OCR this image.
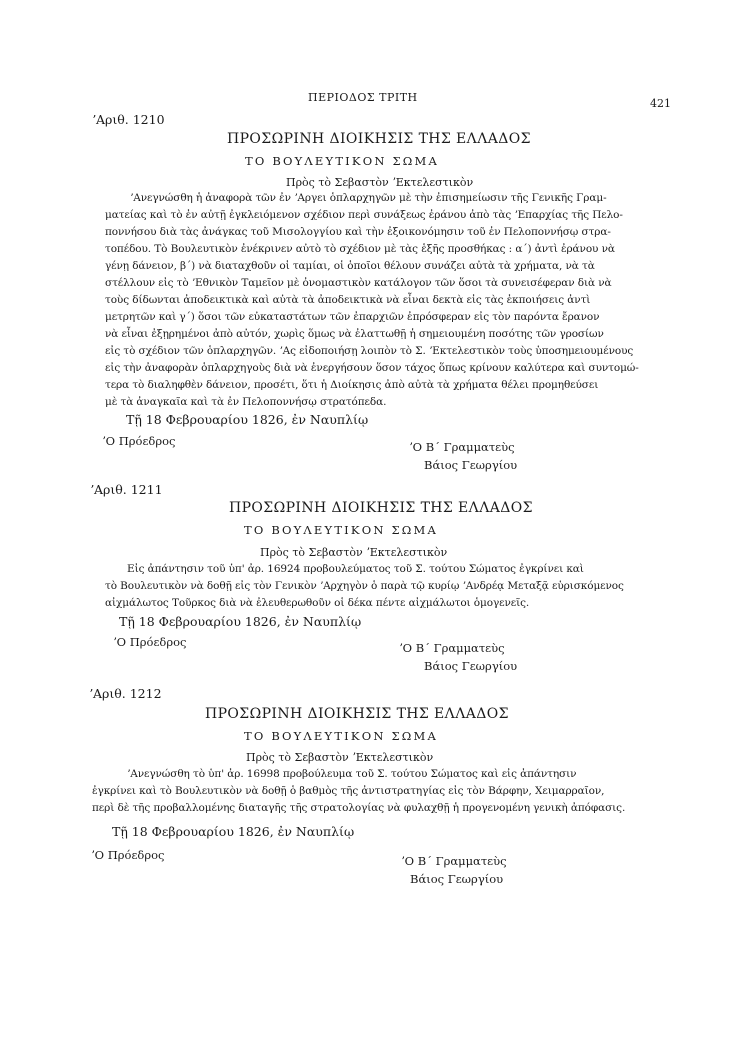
ΠΕΡΙΟΔΟΣ ΤΡΙΤΗ	421
ʼΑριθ. 1210
ΠΡΟΣΩΡΙΝΗ ΔΙΟΙΚΗΣΙΣ ΤΗΣ ΕΛΛΑΔΟΣ
ΤΟ ΒΟΥΛΕΥΤΙΚΟΝ ΣΩΜΑ
Πρὸς τὸ Σεβαστὸν ʼΕκτελεστικὸν
ʼΑνεγνώσθη ἡ ἀναφορὰ τῶν ἐν ʼΑργει ὁπλαρχηγῶν μὲ τὴν ἐπισημείωσιν τῆς Γενικῆς Γραμ-
ματείας καὶ τὸ ἐν αὐτῇ ἐγκλειόμενον σχέδιον περὶ συνάξεως ἐράνου ἀπὸ τὰς ʼΕπαρχίας τῆς Πελο-
ποννήσου διὰ τὰς ἀνάγκας τοῦ Μισολογγίου καὶ τὴν ἐξοικονόμησιν τοῦ ἐν Πελοποννήσῳ στρα-
τοπέδου. Τὸ Βουλευτικὸν ἐνέκρινεν αὐτὸ τὸ σχέδιον μὲ τὰς ἑξῆς προσθήκας : α΄) ἀντὶ ἐράνου νὰ
γένῃ δάνειον, β΄) νὰ διαταχθοῦν οἱ ταμίαι, οἱ ὁποῖοι θέλουν συνάζει αὐτὰ τὰ χρήματα, νὰ τὰ
στέλλουν εἰς τὸ ʼΕθνικὸν Ταμεῖον μὲ ὀνομαστικὸν κατάλογον τῶν ὅσοι τὰ συνεισέφεραν διὰ νὰ
τοὺς δίδωνται ἀποδεικτικὰ καὶ αὐτὰ τὰ ἀποδεικτικὰ νὰ εἶναι δεκτὰ εἰς τὰς ἐκποιήσεις ἀντὶ
μετρητῶν καὶ γ΄) ὅσοι τῶν εὐκαταστάτων τῶν ἐπαρχιῶν ἐπρόσφεραν εἰς τὸν παρόντα ἔρανον
νὰ εἶναι ἐξῃρημένοι ἀπὸ αὐτόν, χωρὶς ὅμως νὰ ἐλαττωθῇ ἡ σημειουμένη ποσότης τῶν γροσίων
εἰς τὸ σχέδιον τῶν ὁπλαρχηγῶν. ʼΑς εἰδοποιήσῃ λοιπὸν τὸ Σ. ʼΕκτελεστικὸν τοὺς ὑποσημειουμένους
εἰς τὴν ἀναφορὰν ὁπλαρχηγοὺς διὰ νὰ ἐνεργήσουν ὅσον τάχος ὅπως κρίνουν καλύτερα καὶ συντομώ-
τερα τὸ διαληφθὲν δάνειον, προσέτι, ὅτι ἡ Διοίκησις ἀπὸ αὐτὰ τὰ χρήματα θέλει προμηθεύσει
μὲ τὰ ἀναγκαῖα καὶ τὰ ἐν Πελοποννήσῳ στρατόπεδα.
Τῇ 18 Φεβρουαρίου 1826, ἐν Ναυπλίῳ
ʼΟ Πρόεδρος	ʼΟ Β΄ Γραμματεὺς
Βάιος Γεωργίου
ʼΑριθ. 1211
ΠΡΟΣΩΡΙΝΗ ΔΙΟΙΚΗΣΙΣ ΤΗΣ ΕΛΛΑΔΟΣ
ΤΟ ΒΟΥΛΕΥΤΙΚΟΝ ΣΩΜΑ
Πρὸς τὸ Σεβαστὸν ʼΕκτελεστικὸν
Εἰς ἀπάντησιν τοῦ ὑπ' ἀρ. 16924 προβουλεύματος τοῦ Σ. τούτου Σώματος ἐγκρίνει καὶ
τὸ Βουλευτικὸν νὰ δοθῇ εἰς τὸν Γενικὸν ʼΑρχηγὸν ὁ παρὰ τῷ κυρίῳ ʼΑνδρέᾳ Μεταξᾷ εὑρισκόμενος
αἰχμάλωτος Τοῦρκος διὰ νὰ ἐλευθερωθοῦν οἱ δέκα πέντε αἰχμάλωτοι ὁμογενεῖς.
Τῇ 18 Φεβρουαρίου 1826, ἐν Ναυπλίῳ
ʼΟ Πρόεδρος	ʼΟ Β΄ Γραμματεὺς
Βάιος Γεωργίου
ʼΑριθ. 1212
ΠΡΟΣΩΡΙΝΗ ΔΙΟΙΚΗΣΙΣ ΤΗΣ ΕΛΛΑΔΟΣ
ΤΟ ΒΟΥΛΕΥΤΙΚΟΝ ΣΩΜΑ
Πρὸς τὸ Σεβαστὸν ʼΕκτελεστικὸν
ʼΑνεγνώσθη τὸ ὑπ' ἀρ. 16998 προβούλευμα τοῦ Σ. τούτου Σώματος καὶ εἰς ἀπάντησιν
ἐγκρίνει καὶ τὸ Βουλευτικὸν νὰ δοθῇ ὁ βαθμὸς τῆς ἀντιστρατηγίας εἰς τὸν Βάρφην, Χειμαρραῖον,
περὶ δὲ τῆς προβαλλομένης διαταγῆς τῆς στρατολογίας νὰ φυλαχθῇ ἡ προγενομένη γενικὴ ἀπόφασις.
Τῇ 18 Φεβρουαρίου 1826, ἐν Ναυπλίῳ
ʼΟ Πρόεδρος	ʼΟ Β΄ Γραμματεὺς
Βάιος Γεωργίου
